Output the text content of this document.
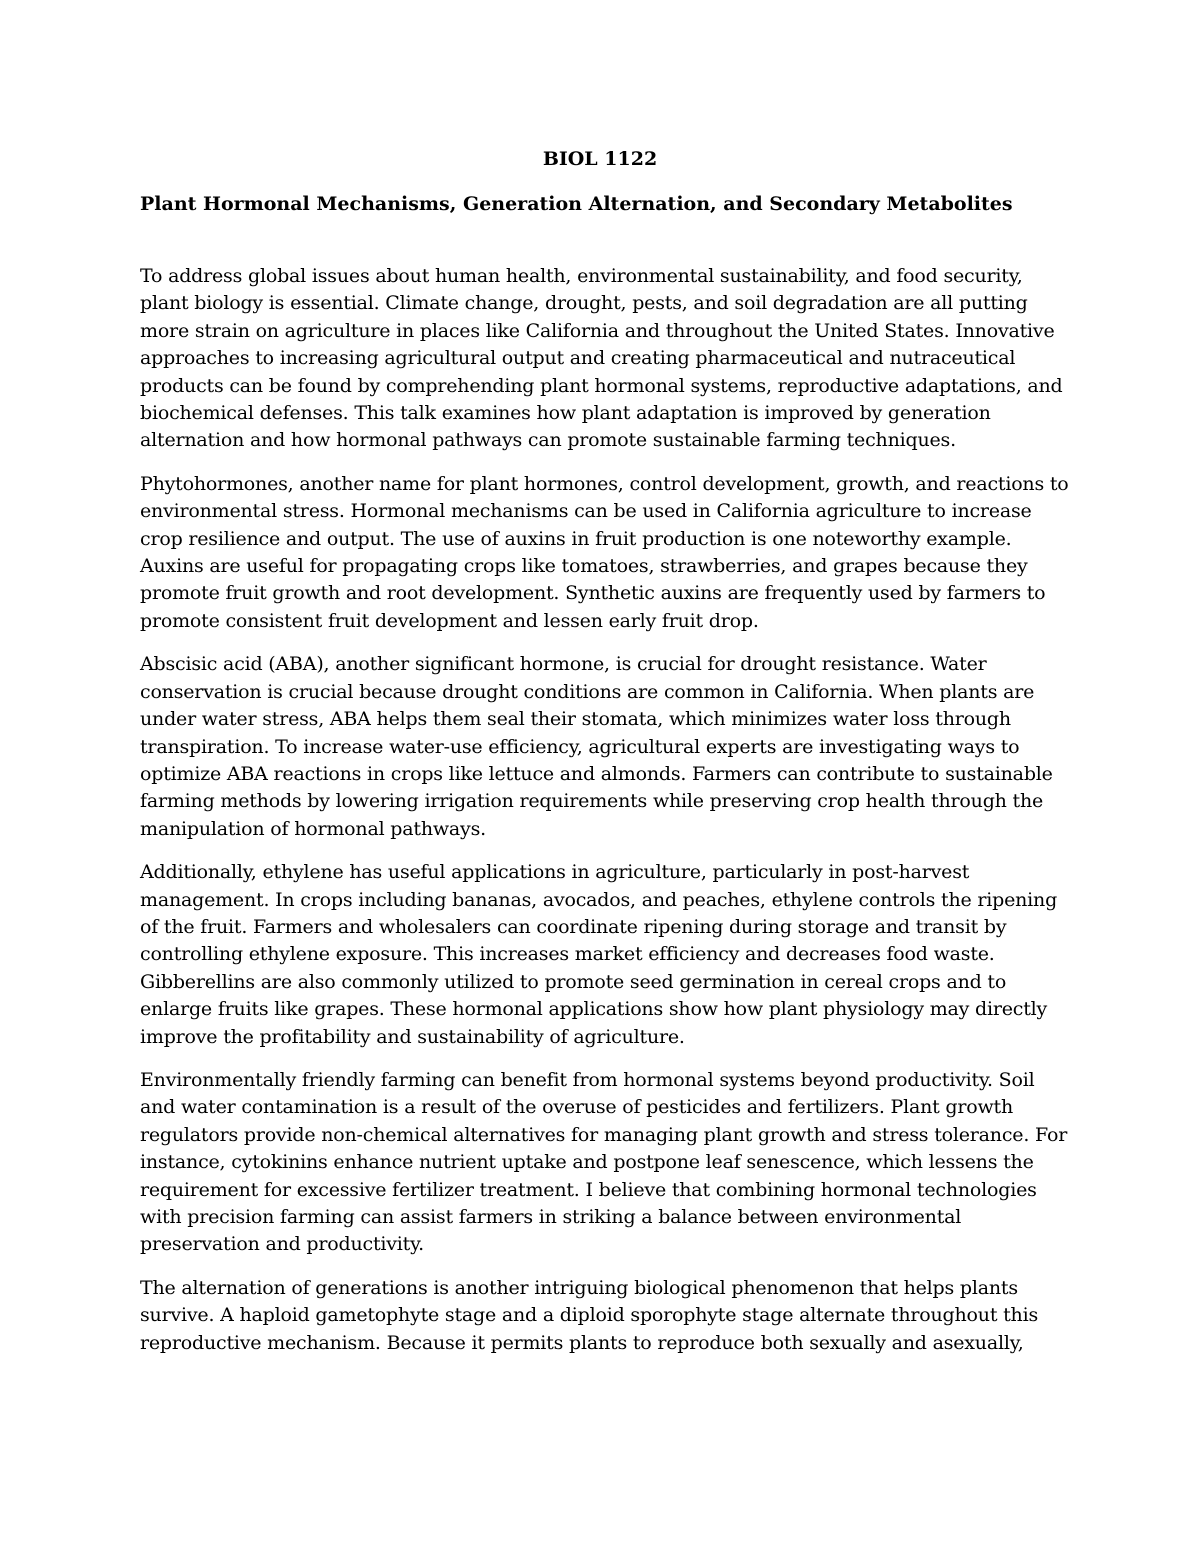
BIOL 1122
Plant Hormonal Mechanisms, Generation Alternation, and Secondary Metabolites

To address global issues about human health, environmental sustainability, and food security,
plant biology is essential. Climate change, drought, pests, and soil degradation are all putting
more strain on agriculture in places like California and throughout the United States. Innovative
approaches to increasing agricultural output and creating pharmaceutical and nutraceutical
products can be found by comprehending plant hormonal systems, reproductive adaptations, and
biochemical defenses. This talk examines how plant adaptation is improved by generation
alternation and how hormonal pathways can promote sustainable farming techniques.

Phytohormones, another name for plant hormones, control development, growth, and reactions to
environmental stress. Hormonal mechanisms can be used in California agriculture to increase
crop resilience and output. The use of auxins in fruit production is one noteworthy example.
Auxins are useful for propagating crops like tomatoes, strawberries, and grapes because they
promote fruit growth and root development. Synthetic auxins are frequently used by farmers to
promote consistent fruit development and lessen early fruit drop.

Abscisic acid (ABA), another significant hormone, is crucial for drought resistance. Water
conservation is crucial because drought conditions are common in California. When plants are
under water stress, ABA helps them seal their stomata, which minimizes water loss through
transpiration. To increase water-use efficiency, agricultural experts are investigating ways to
optimize ABA reactions in crops like lettuce and almonds. Farmers can contribute to sustainable
farming methods by lowering irrigation requirements while preserving crop health through the
manipulation of hormonal pathways.

Additionally, ethylene has useful applications in agriculture, particularly in post-harvest
management. In crops including bananas, avocados, and peaches, ethylene controls the ripening
of the fruit. Farmers and wholesalers can coordinate ripening during storage and transit by
controlling ethylene exposure. This increases market efficiency and decreases food waste.
Gibberellins are also commonly utilized to promote seed germination in cereal crops and to
enlarge fruits like grapes. These hormonal applications show how plant physiology may directly
improve the profitability and sustainability of agriculture.

Environmentally friendly farming can benefit from hormonal systems beyond productivity. Soil
and water contamination is a result of the overuse of pesticides and fertilizers. Plant growth
regulators provide non-chemical alternatives for managing plant growth and stress tolerance. For
instance, cytokinins enhance nutrient uptake and postpone leaf senescence, which lessens the
requirement for excessive fertilizer treatment. I believe that combining hormonal technologies
with precision farming can assist farmers in striking a balance between environmental
preservation and productivity.

The alternation of generations is another intriguing biological phenomenon that helps plants
survive. A haploid gametophyte stage and a diploid sporophyte stage alternate throughout this
reproductive mechanism. Because it permits plants to reproduce both sexually and asexually,
